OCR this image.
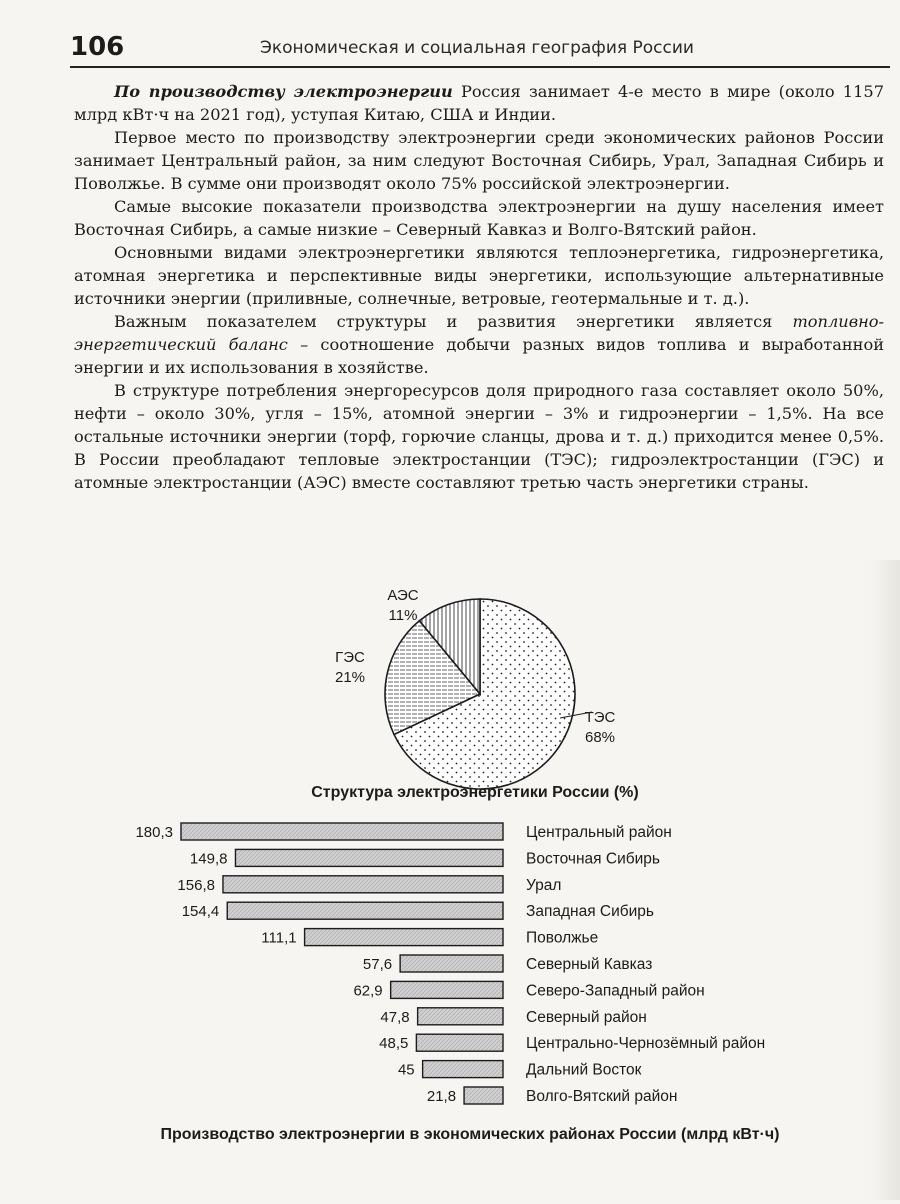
106	Экономическая и социальная география России

По производству электроэнергии Россия занимает 4-е место в мире (около 1157 млрд кВт·ч на 2021 год), уступая Китаю, США и Индии.

Первое место по производству электроэнергии среди экономических районов России занимает Центральный район, за ним следуют Восточная Сибирь, Урал, Западная Сибирь и Поволжье. В сумме они производят около 75% российской электроэнергии.

Самые высокие показатели производства электроэнергии на душу населения имеет Восточная Сибирь, а самые низкие – Северный Кавказ и Волго-Вятский район.

Основными видами электроэнергетики являются теплоэнергетика, гидроэнергетика, атомная энергетика и перспективные виды энергетики, использующие альтернативные источники энергии (приливные, солнечные, ветровые, геотермальные и т. д.).

Важным показателем структуры и развития энергетики является топливно-энергетический баланс – соотношение добычи разных видов топлива и выработанной энергии и их использования в хозяйстве.

В структуре потребления энергоресурсов доля природного газа составляет около 50%, нефти – около 30%, угля – 15%, атомной энергии – 3% и гидроэнергии – 1,5%. На все остальные источники энергии (торф, горючие сланцы, дрова и т. д.) приходится менее 0,5%. В России преобладают тепловые электростанции (ТЭС); гидроэлектростанции (ГЭС) и атомные электростанции (АЭС) вместе составляют третью часть энергетики страны.

ТЭС
68%
ГЭС
21%
АЭС
11%
Структура электроэнергетики России (%)
180,3	Центральный район
149,8	Восточная Сибирь
156,8	Урал
154,4	Западная Сибирь
111,1	Поволжье
57,6	Северный Кавказ
62,9	Северо-Западный район
47,8	Северный район
48,5	Центрально-Чернозёмный район
45	Дальний Восток
21,8	Волго-Вятский район
Производство электроэнергии в экономических районах России (млрд кВт·ч)
